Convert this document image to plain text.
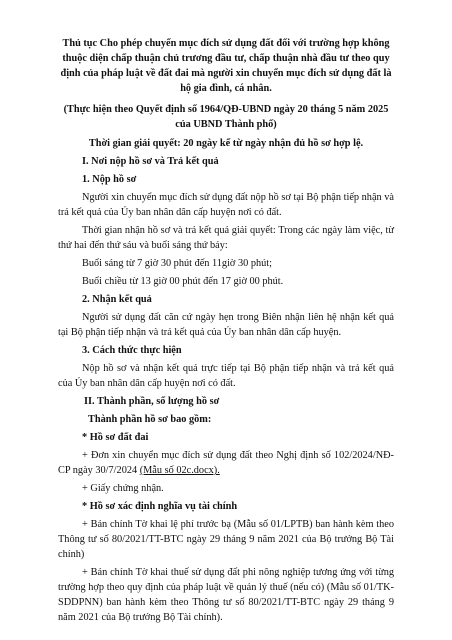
Thủ tục Cho phép chuyển mục đích sử dụng đất đối với trường hợp không thuộc diện chấp thuận chủ trương đầu tư, chấp thuận nhà đầu tư theo quy định của pháp luật về đất đai mà người xin chuyển mục đích sử dụng đất là hộ gia đình, cá nhân.
(Thực hiện theo Quyết định số 1964/QĐ-UBND ngày 20 tháng 5 năm 2025 của UBND Thành phố)
Thời gian giải quyết: 20 ngày kể từ ngày nhận đủ hồ sơ hợp lệ.
I. Nơi nộp hồ sơ và Trả kết quả
1. Nộp hồ sơ
Người xin chuyển mục đích sử dụng đất nộp hồ sơ tại Bộ phận tiếp nhận và trả kết quả của Ủy ban nhân dân cấp huyện nơi có đất.
Thời gian nhận hồ sơ và trả kết quả giải quyết: Trong các ngày làm việc, từ thứ hai đến thứ sáu và buổi sáng thứ bảy:
Buổi sáng từ 7 giờ 30 phút đến 11giờ 30 phút;
Buổi chiều từ 13 giờ 00 phút đến 17 giờ 00 phút.
2. Nhận kết quả
Người sử dụng đất căn cứ ngày hẹn trong Biên nhận liên hệ nhận kết quả tại Bộ phận tiếp nhận và trả kết quả của Ủy ban nhân dân cấp huyện.
3. Cách thức thực hiện
Nộp hồ sơ và nhận kết quả trực tiếp tại Bộ phận tiếp nhận và trả kết quả của Ủy ban nhân dân cấp huyện nơi có đất.
II. Thành phần, số lượng hồ sơ
Thành phần hồ sơ bao gồm:
* Hồ sơ đất đai
+ Đơn xin chuyển mục đích sử dụng đất theo Nghị định số 102/2024/NĐ-CP ngày 30/7/2024 (Mẫu số 02c.docx).
+ Giấy chứng nhận.
* Hồ sơ xác định nghĩa vụ tài chính
+ Bản chính Tờ khai lệ phí trước bạ (Mẫu số 01/LPTB) ban hành kèm theo Thông tư số 80/2021/TT-BTC ngày 29 tháng 9 năm 2021 của Bộ trưởng Bộ Tài chính)
+ Bản chính Tờ khai thuế sử dụng đất phi nông nghiệp tương ứng với từng trường hợp theo quy định của pháp luật về quản lý thuế (nếu có) (Mẫu số 01/TK-SDDPNN) ban hành kèm theo Thông tư số 80/2021/TT-BTC ngày 29 tháng 9 năm 2021 của Bộ trưởng Bộ Tài chính).
